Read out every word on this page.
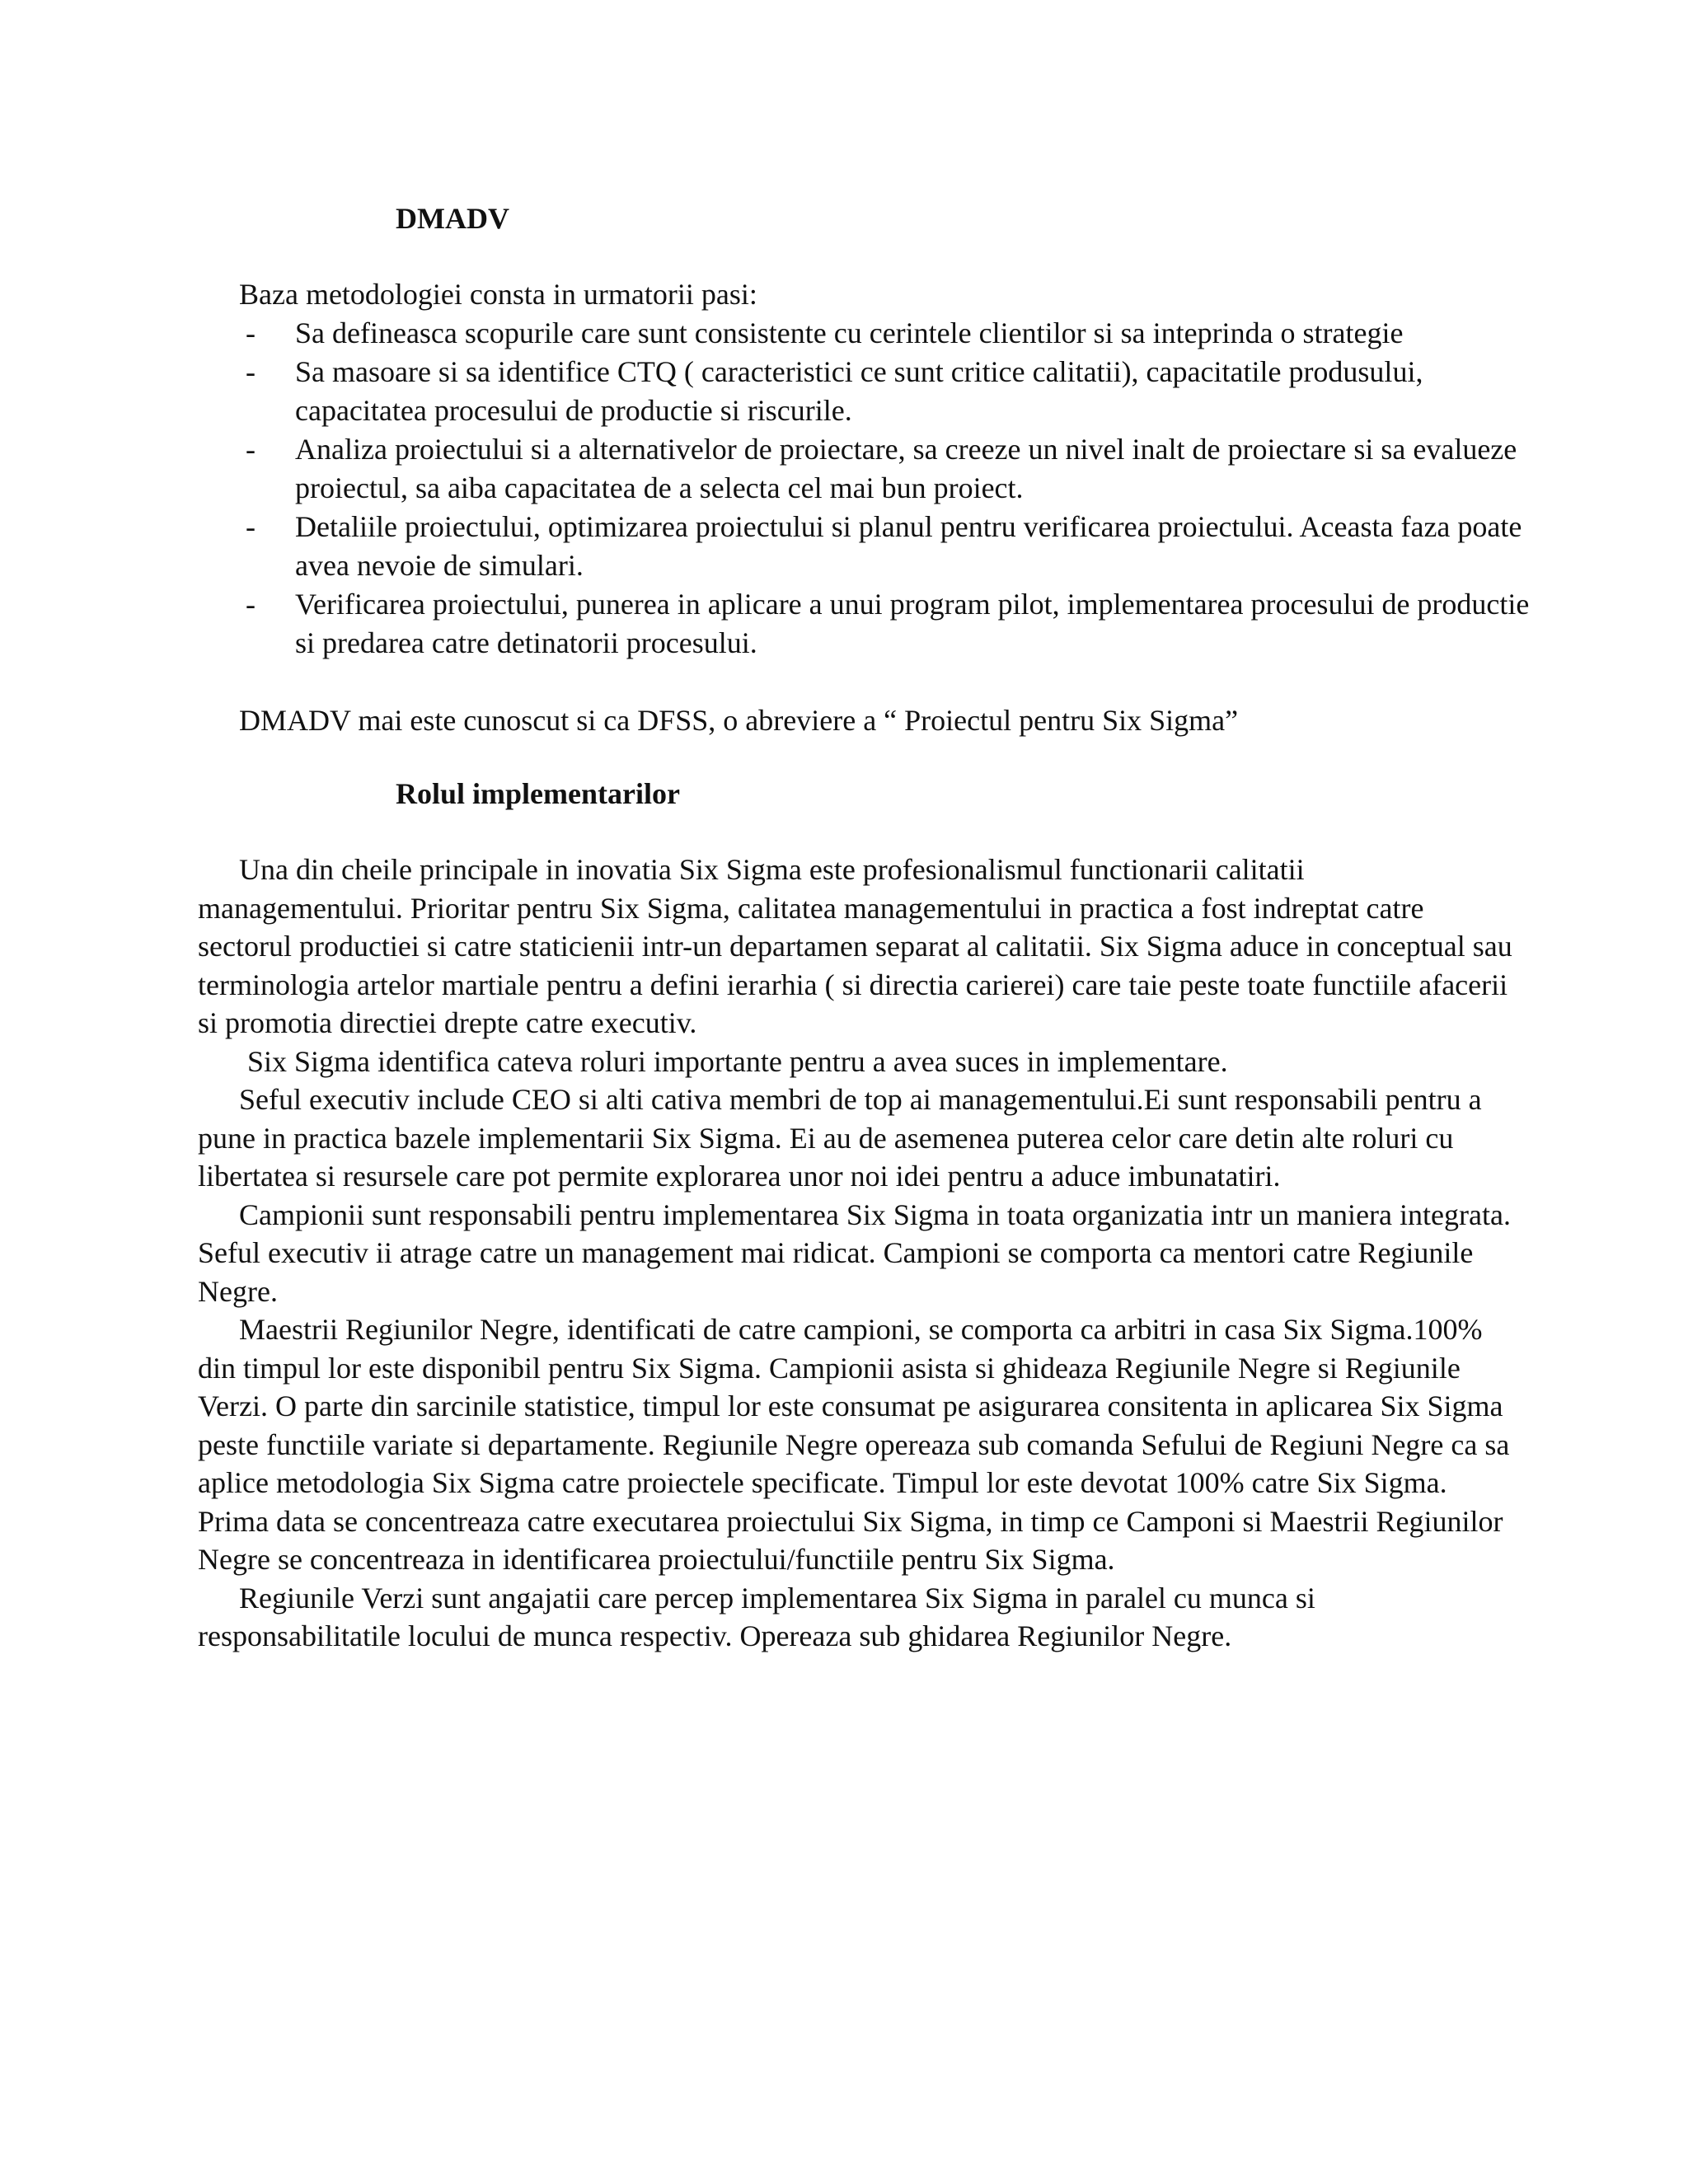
DMADV

Baza metodologiei consta in urmatorii pasi:

- Sa defineasca scopurile care sunt consistente cu cerintele clientilor si sa inteprinda o strategie
- Sa masoare si sa identifice CTQ ( caracteristici ce sunt critice calitatii), capacitatile produsului, capacitatea procesului de productie si riscurile.
- Analiza proiectului si a alternativelor de proiectare, sa creeze un nivel inalt de proiectare si sa evalueze proiectul, sa aiba capacitatea de a selecta cel mai bun proiect.
- Detaliile proiectului, optimizarea proiectului si planul pentru verificarea proiectului. Aceasta faza poate avea nevoie de simulari.
- Verificarea proiectului, punerea in aplicare a unui program pilot, implementarea procesului de productie si predarea catre detinatorii procesului.

DMADV mai este cunoscut si ca DFSS, o abreviere a “ Proiectul pentru Six Sigma”

Rolul implementarilor

Una din cheile principale in inovatia Six Sigma este profesionalismul functionarii calitatii managementului. Prioritar pentru Six Sigma, calitatea managementului in practica a fost indreptat catre sectorul productiei si catre staticienii intr-un departamen separat al calitatii. Six Sigma aduce in conceptual sau terminologia artelor martiale pentru a defini ierarhia ( si directia carierei) care taie peste toate functiile afacerii si promotia directiei drepte catre executiv.

Six Sigma identifica cateva roluri importante pentru a avea suces in implementare.

Seful executiv include CEO si alti cativa membri de top ai managementului.Ei sunt responsabili pentru a pune in practica bazele implementarii Six Sigma. Ei au de asemenea puterea celor care detin alte roluri cu libertatea si resursele care pot permite explorarea unor noi idei pentru a aduce imbunatatiri.

Campionii sunt responsabili pentru implementarea Six Sigma in toata organizatia intr un maniera integrata. Seful executiv ii atrage catre un management mai ridicat. Campioni se comporta ca mentori catre Regiunile Negre.

Maestrii Regiunilor Negre, identificati de catre campioni, se comporta ca arbitri in casa Six Sigma.100% din timpul lor este disponibil pentru Six Sigma. Campionii asista si ghideaza Regiunile Negre si Regiunile Verzi. O parte din sarcinile statistice, timpul lor este consumat pe asigurarea consitenta in aplicarea Six Sigma peste functiile variate si departamente. Regiunile Negre opereaza sub comanda Sefului de Regiuni Negre ca sa aplice metodologia Six Sigma catre proiectele specificate. Timpul lor este devotat 100% catre Six Sigma. Prima data se concentreaza catre executarea proiectului Six Sigma, in timp ce Camponi si Maestrii Regiunilor Negre se concentreaza in identificarea proiectului/functiile pentru Six Sigma.

Regiunile Verzi sunt angajatii care percep implementarea Six Sigma in paralel cu munca si responsabilitatile locului de munca respectiv. Opereaza sub ghidarea Regiunilor Negre.
